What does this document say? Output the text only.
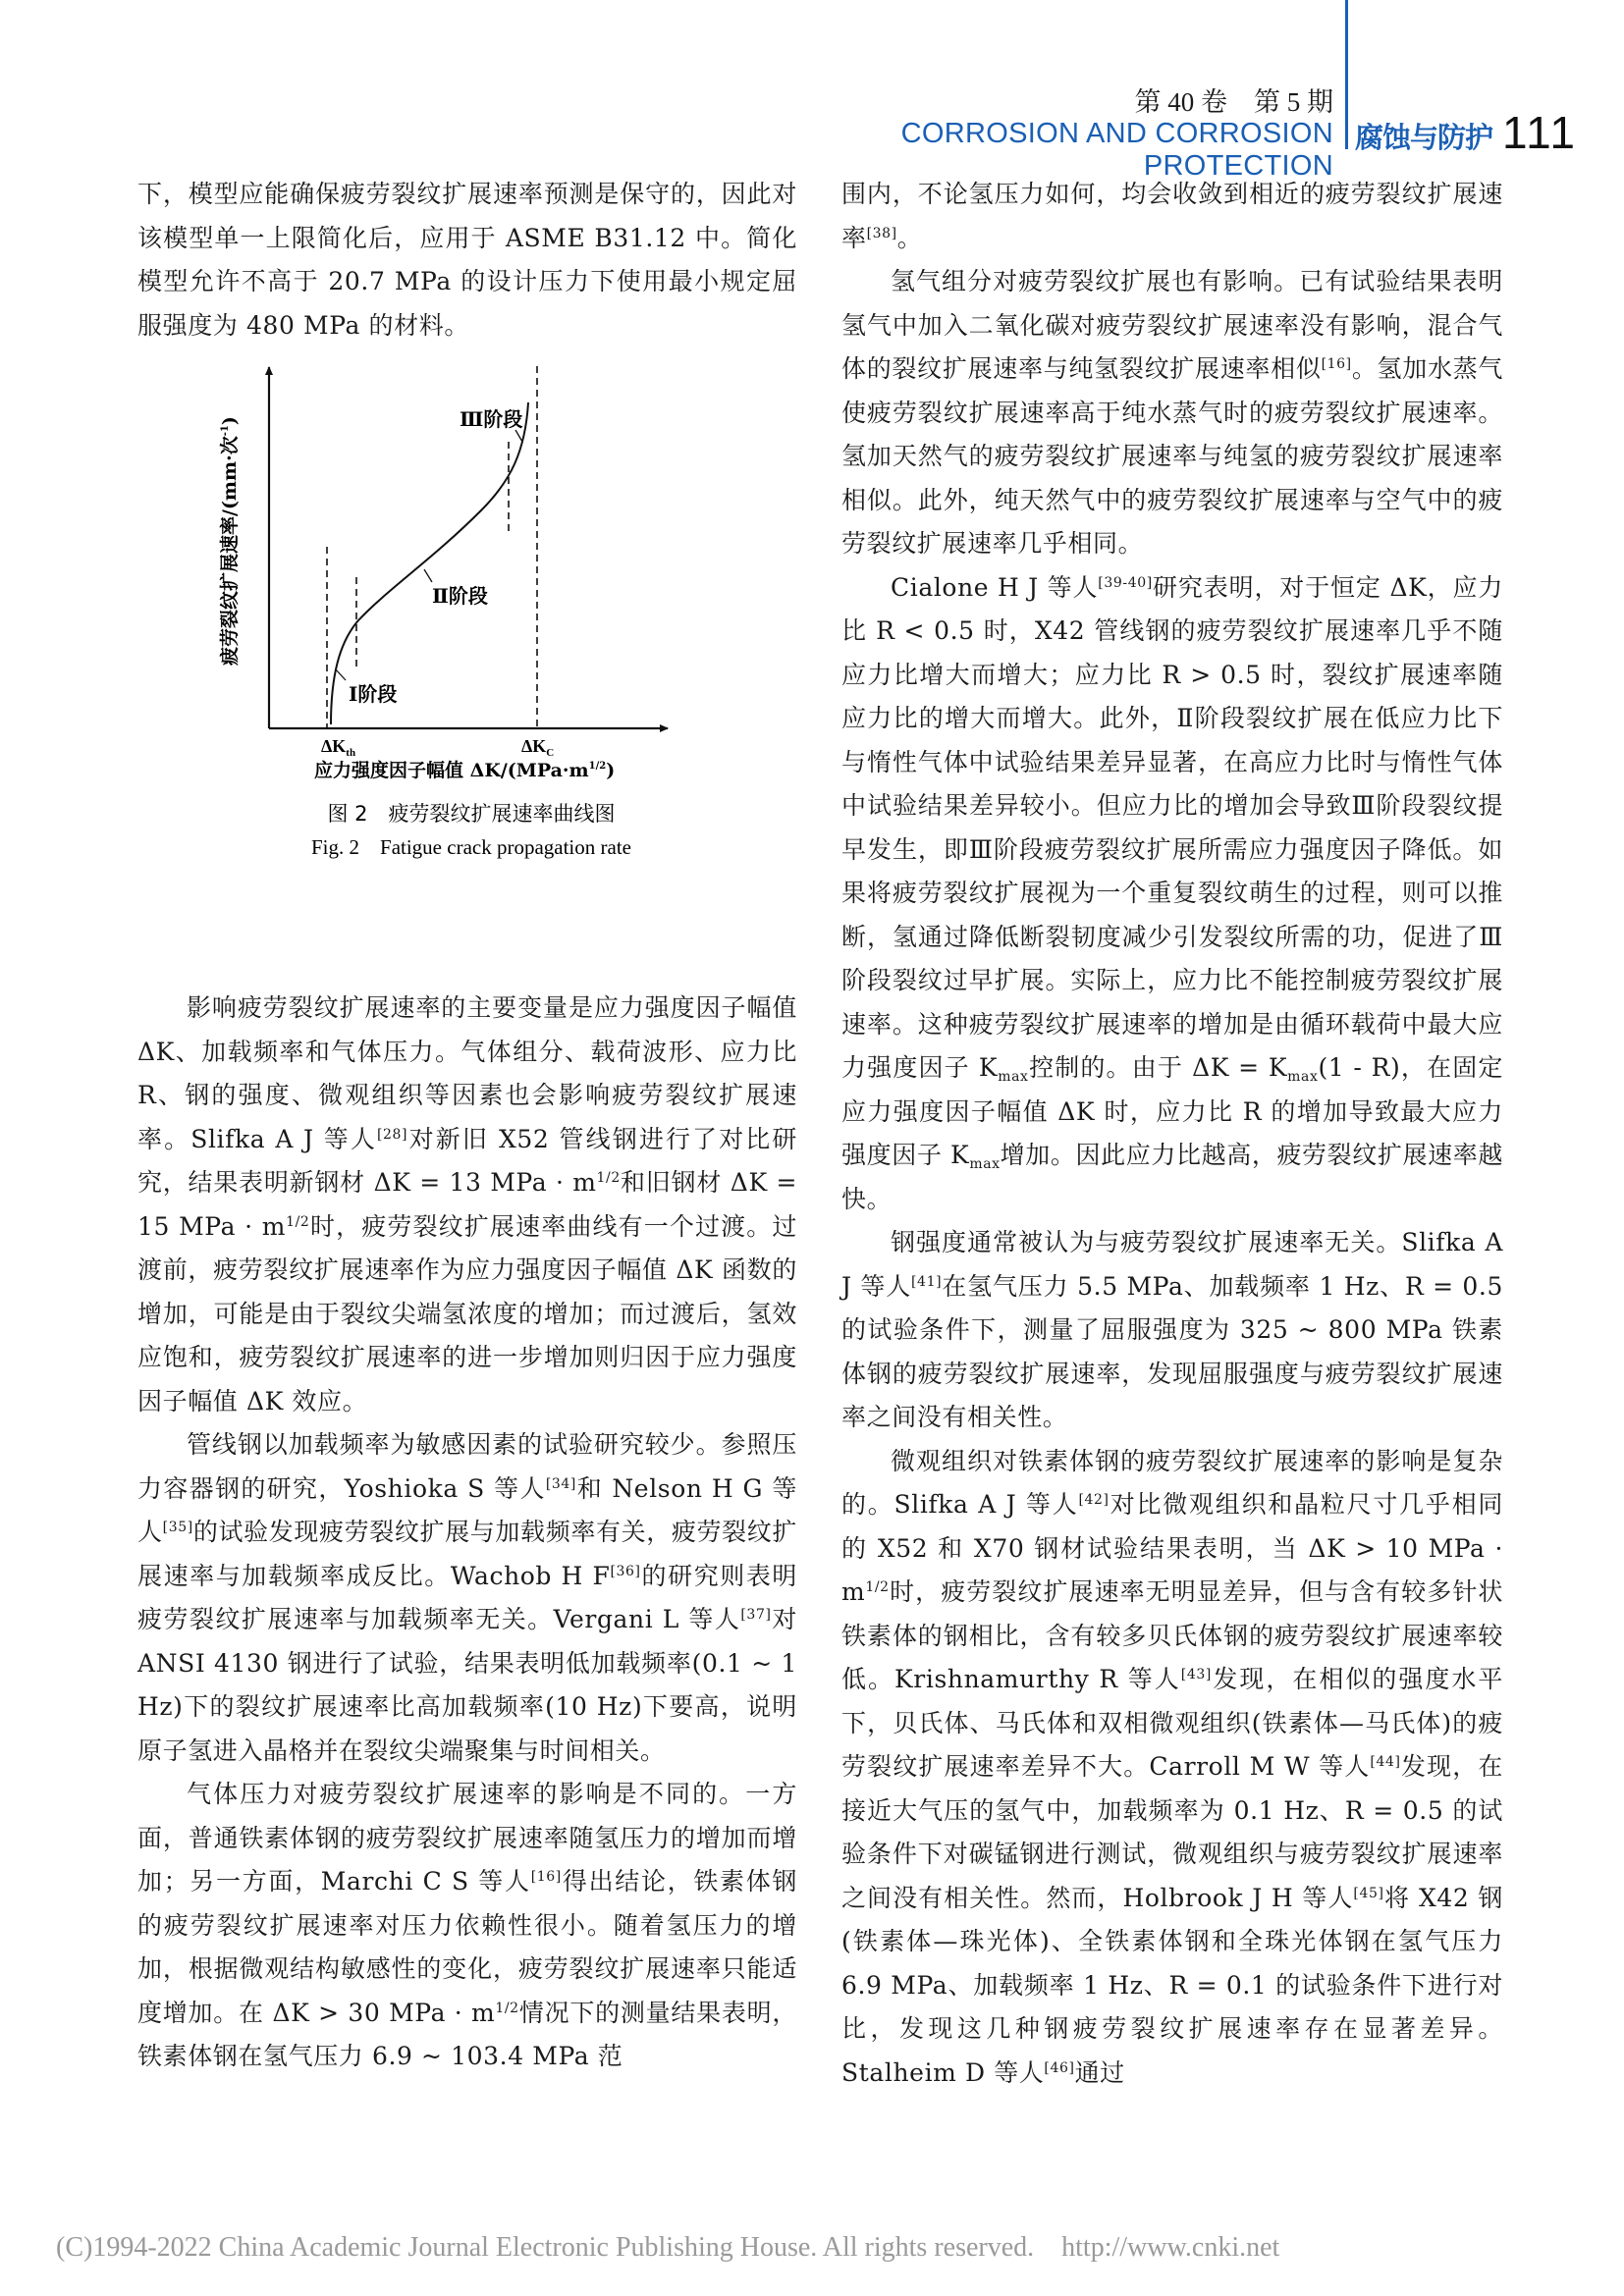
第 40 卷　第 5 期
CORROSION AND CORROSION PROTECTION
腐蚀与防护 111

下，模型应能确保疲劳裂纹扩展速率预测是保守的，因此对该模型单一上限简化后，应用于 ASME B31.12 中。简化模型允许不高于 20.7 MPa 的设计压力下使用最小规定屈服强度为 480 MPa 的材料。

Ⅲ阶段
Ⅱ阶段
Ⅰ阶段
$\Delta K_{th}$	$\Delta K_C$
应力强度因子幅值 $\Delta K/(MPa\cdot m^{1/2})$
疲劳裂纹扩展速率/(mm·次$^{-1}$)
图 2　疲劳裂纹扩展速率曲线图
Fig. 2　Fatigue crack propagation rate

影响疲劳裂纹扩展速率的主要变量是应力强度因子幅值 ΔK、加载频率和气体压力。气体组分、载荷波形、应力比 R、钢的强度、微观组织等因素也会影响疲劳裂纹扩展速率。Slifka A J 等人[28]对新旧 X52 管线钢进行了对比研究，结果表明新钢材 ΔK = 13 MPa · $m^{1/2}$和旧钢材 ΔK = 15 MPa · $m^{1/2}$时，疲劳裂纹扩展速率曲线有一个过渡。过渡前，疲劳裂纹扩展速率作为应力强度因子幅值 ΔK 函数的增加，可能是由于裂纹尖端氢浓度的增加；而过渡后，氢效应饱和，疲劳裂纹扩展速率的进一步增加则归因于应力强度因子幅值 ΔK 效应。

管线钢以加载频率为敏感因素的试验研究较少。参照压力容器钢的研究，Yoshioka S 等人[34]和 Nelson H G 等人[35]的试验发现疲劳裂纹扩展与加载频率有关，疲劳裂纹扩展速率与加载频率成反比。Wachob H F[36]的研究则表明疲劳裂纹扩展速率与加载频率无关。Vergani L 等人[37]对 ANSI 4130 钢进行了试验，结果表明低加载频率(0.1 ~ 1 Hz)下的裂纹扩展速率比高加载频率(10 Hz)下要高，说明原子氢进入晶格并在裂纹尖端聚集与时间相关。

气体压力对疲劳裂纹扩展速率的影响是不同的。一方面，普通铁素体钢的疲劳裂纹扩展速率随氢压力的增加而增加；另一方面，Marchi C S 等人[16]得出结论，铁素体钢的疲劳裂纹扩展速率对压力依赖性很小。随着氢压力的增加，根据微观结构敏感性的变化，疲劳裂纹扩展速率只能适度增加。在 ΔK > 30 MPa · $m^{1/2}$情况下的测量结果表明，铁素体钢在氢气压力 6.9 ~ 103.4 MPa 范

围内，不论氢压力如何，均会收敛到相近的疲劳裂纹扩展速率[38]。

氢气组分对疲劳裂纹扩展也有影响。已有试验结果表明氢气中加入二氧化碳对疲劳裂纹扩展速率没有影响，混合气体的裂纹扩展速率与纯氢裂纹扩展速率相似[16]。氢加水蒸气使疲劳裂纹扩展速率高于纯水蒸气时的疲劳裂纹扩展速率。氢加天然气的疲劳裂纹扩展速率与纯氢的疲劳裂纹扩展速率相似。此外，纯天然气中的疲劳裂纹扩展速率与空气中的疲劳裂纹扩展速率几乎相同。

Cialone H J 等人[39-40]研究表明，对于恒定 ΔK，应力比 R < 0.5 时，X42 管线钢的疲劳裂纹扩展速率几乎不随应力比增大而增大；应力比 R > 0.5 时，裂纹扩展速率随应力比的增大而增大。此外，Ⅱ阶段裂纹扩展在低应力比下与惰性气体中试验结果差异显著，在高应力比时与惰性气体中试验结果差异较小。但应力比的增加会导致Ⅲ阶段裂纹提早发生，即Ⅲ阶段疲劳裂纹扩展所需应力强度因子降低。如果将疲劳裂纹扩展视为一个重复裂纹萌生的过程，则可以推断，氢通过降低断裂韧度减少引发裂纹所需的功，促进了Ⅲ阶段裂纹过早扩展。实际上，应力比不能控制疲劳裂纹扩展速率。这种疲劳裂纹扩展速率的增加是由循环载荷中最大应力强度因子 $K_{max}$控制的。由于 $\Delta K = K_{max}(1 - R)$，在固定应力强度因子幅值 ΔK 时，应力比 R 的增加导致最大应力强度因子 $K_{max}$增加。因此应力比越高，疲劳裂纹扩展速率越快。

钢强度通常被认为与疲劳裂纹扩展速率无关。Slifka A J 等人[41]在氢气压力 5.5 MPa、加载频率 1 Hz、R = 0.5 的试验条件下，测量了屈服强度为 325 ~ 800 MPa 铁素体钢的疲劳裂纹扩展速率，发现屈服强度与疲劳裂纹扩展速率之间没有相关性。

微观组织对铁素体钢的疲劳裂纹扩展速率的影响是复杂的。Slifka A J 等人[42]对比微观组织和晶粒尺寸几乎相同的 X52 和 X70 钢材试验结果表明，当 ΔK > 10 MPa · $m^{1/2}$时，疲劳裂纹扩展速率无明显差异，但与含有较多针状铁素体的钢相比，含有较多贝氏体钢的疲劳裂纹扩展速率较低。Krishnamurthy R 等人[43]发现，在相似的强度水平下，贝氏体、马氏体和双相微观组织(铁素体—马氏体)的疲劳裂纹扩展速率差异不大。Carroll M W 等人[44]发现，在接近大气压的氢气中，加载频率为 0.1 Hz、R = 0.5 的试验条件下对碳锰钢进行测试，微观组织与疲劳裂纹扩展速率之间没有相关性。然而，Holbrook J H 等人[45]将 X42 钢(铁素体—珠光体)、全铁素体钢和全珠光体钢在氢气压力 6.9 MPa、加载频率 1 Hz、R = 0.1 的试验条件下进行对比，发现这几种钢疲劳裂纹扩展速率存在显著差异。Stalheim D 等人[46]通过

(C)1994-2022 China Academic Journal Electronic Publishing House. All rights reserved. http://www.cnki.net
